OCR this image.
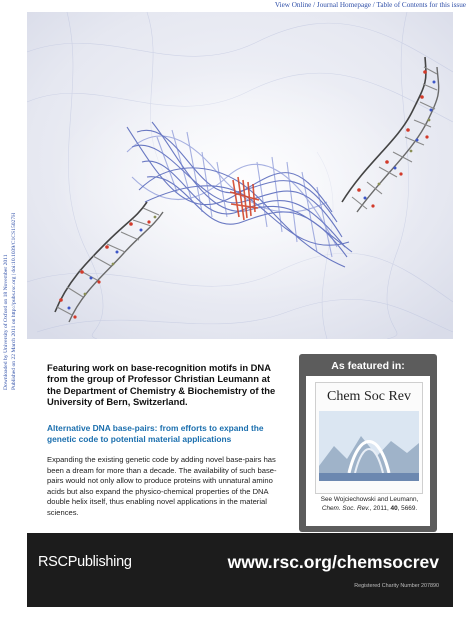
View Online / Journal Homepage / Table of Contents for this issue
Downloaded by University of Oxford on 18 November 2011 Published on 22 March 2011 on http://pubs.rsc.org | doi:10.1039/C1CS15027H	Featuring work on base-recognition motifs in DNA from the group of Professor Christian Leumann at the Department of Chemistry & Biochemistry of the University of Bern, Switzerland.
Alternative DNA base-pairs: from efforts to expand the genetic code to potential material applications
Expanding the existing genetic code by adding novel base-pairs has been a dream for more than a decade. The availability of such base-pairs would not only allow to produce proteins with unnatural amino acids but also expand the physico-chemical properties of the DNA double helix itself, thus enabling novel applications in the material sciences.
As featured in:
Chem Soc Rev
See Wojciechowski and Leumann,
Chem. Soc. Rev., 2011, 40, 5669.
RSCPublishing	www.rsc.org/chemsocrev
Registered Charity Number 207890
